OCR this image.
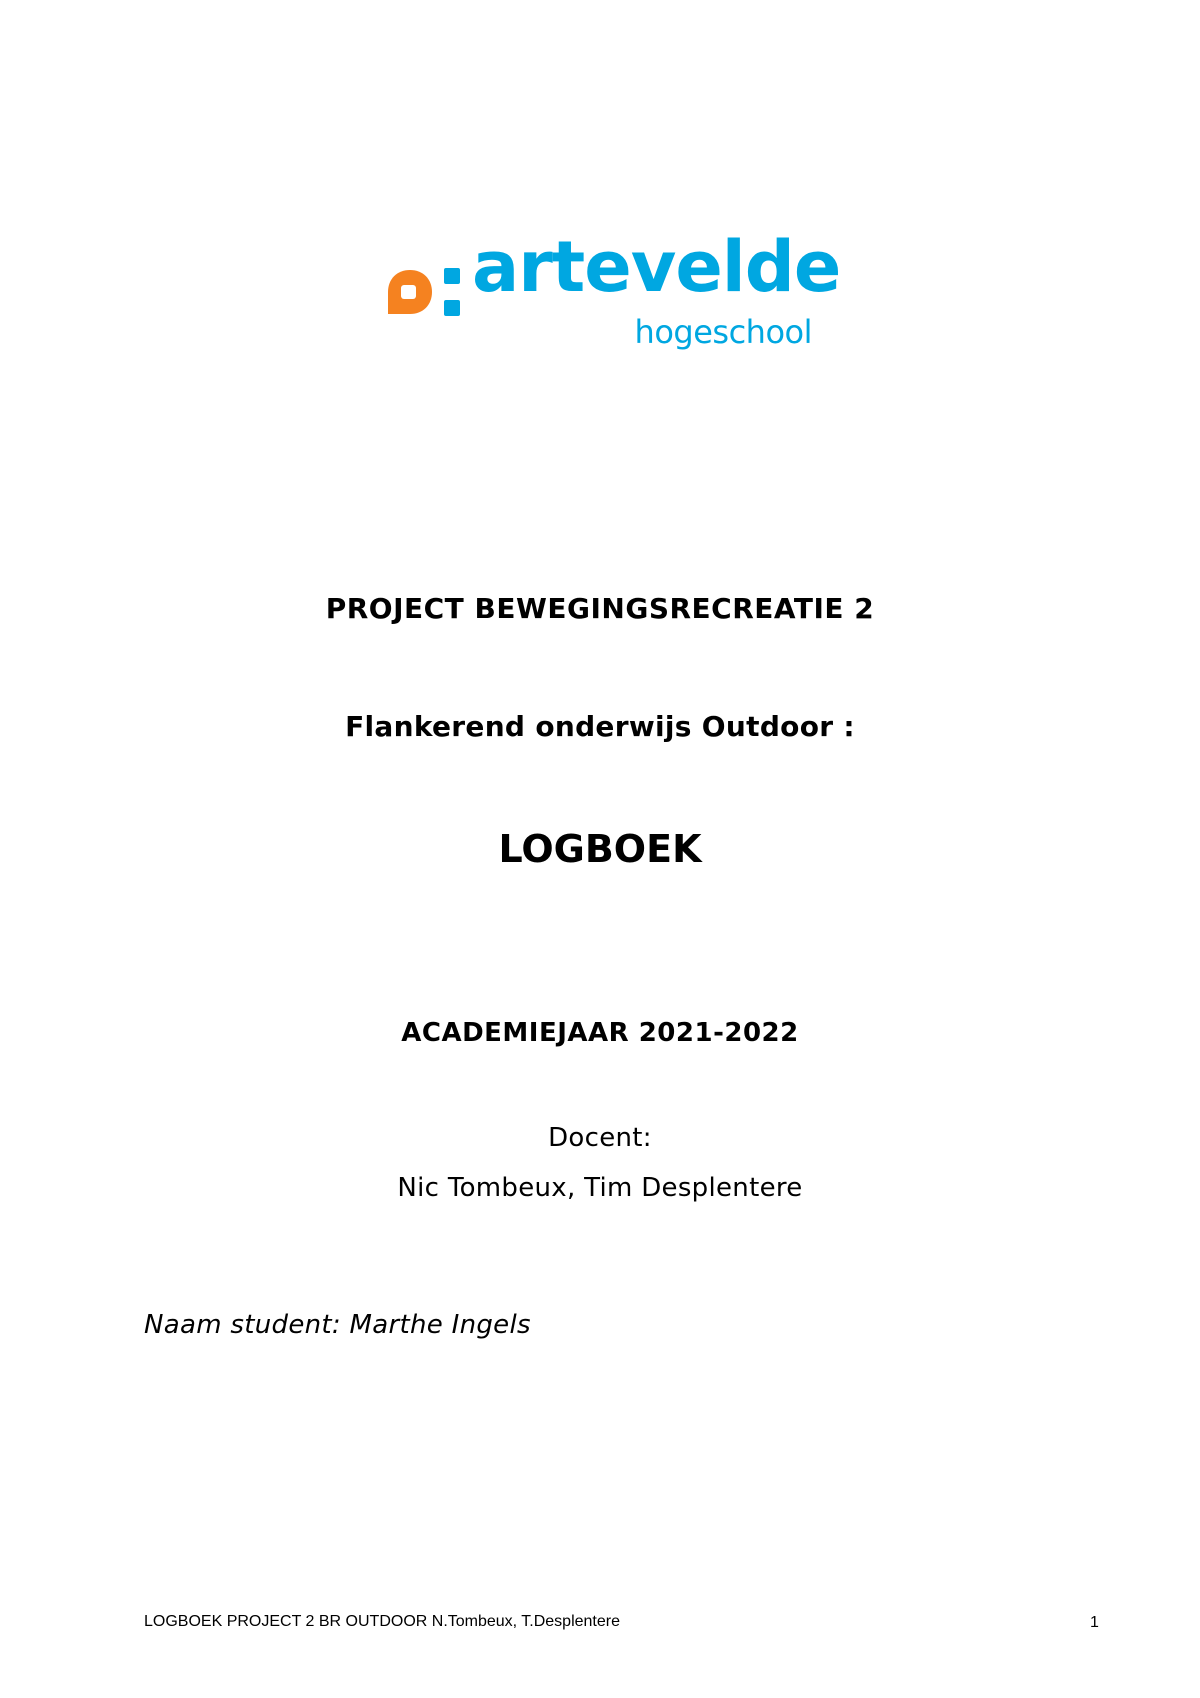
artevelde
hogeschool
PROJECT BEWEGINGSRECREATIE 2
Flankerend onderwijs Outdoor :
LOGBOEK
ACADEMIEJAAR 2021-2022
Docent:
Nic Tombeux, Tim Desplentere
Naam student: Marthe Ingels
LOGBOEK PROJECT 2 BR OUTDOOR N.Tombeux, T.Desplentere	1
